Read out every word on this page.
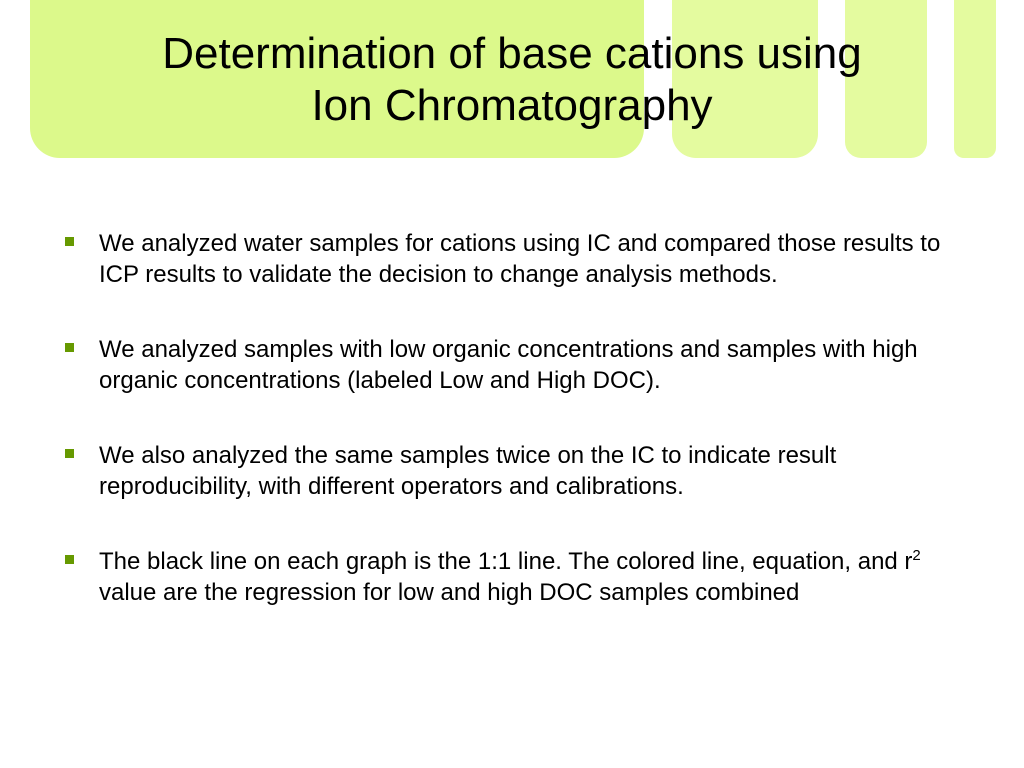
Determination of base cations using
Ion Chromatography
We analyzed water samples for cations using IC and compared those results to ICP results to validate the decision to change analysis methods.
We analyzed samples with low organic concentrations and samples with high organic concentrations (labeled Low and High DOC).
We also analyzed the same samples twice on the IC to indicate result reproducibility, with different operators and calibrations.
The black line on each graph is the 1:1 line. The colored line, equation, and $r^2$ value are the regression for low and high DOC samples combined
